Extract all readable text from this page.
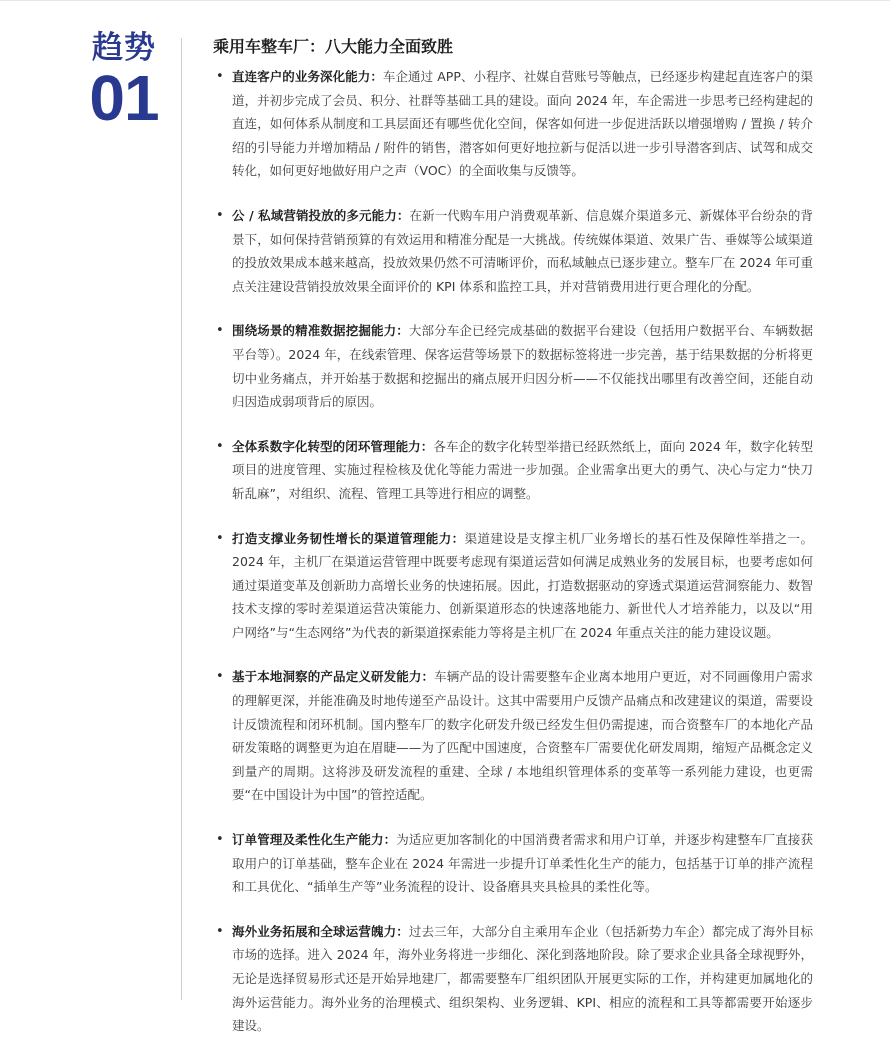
趋势
01
乘用车整车厂：八大能力全面致胜
• 直连客户的业务深化能力：车企通过 APP、小程序、社媒自营账号等触点，已经逐步构建起直连客户的渠道，并初步完成了会员、积分、社群等基础工具的建设。面向 2024 年，车企需进一步思考已经构建起的直连，如何体系从制度和工具层面还有哪些优化空间，保客如何进一步促进活跃以增强增购 / 置换 / 转介绍的引导能力并增加精品 / 附件的销售，潜客如何更好地拉新与促活以进一步引导潜客到店、试驾和成交转化，如何更好地做好用户之声（VOC）的全面收集与反馈等。
• 公 / 私域营销投放的多元能力：在新一代购车用户消费观革新、信息媒介渠道多元、新媒体平台纷杂的背景下，如何保持营销预算的有效运用和精准分配是一大挑战。传统媒体渠道、效果广告、垂媒等公域渠道的投放效果成本越来越高，投放效果仍然不可清晰评价，而私域触点已逐步建立。整车厂在 2024 年可重点关注建设营销投放效果全面评价的 KPI 体系和监控工具，并对营销费用进行更合理化的分配。
• 围绕场景的精准数据挖掘能力：大部分车企已经完成基础的数据平台建设（包括用户数据平台、车辆数据平台等）。2024 年，在线索管理、保客运营等场景下的数据标签将进一步完善，基于结果数据的分析将更切中业务痛点，并开始基于数据和挖掘出的痛点展开归因分析——不仅能找出哪里有改善空间，还能自动归因造成弱项背后的原因。
• 全体系数字化转型的闭环管理能力：各车企的数字化转型举措已经跃然纸上，面向 2024 年，数字化转型项目的进度管理、实施过程检核及优化等能力需进一步加强。企业需拿出更大的勇气、决心与定力“快刀斩乱麻”，对组织、流程、管理工具等进行相应的调整。
• 打造支撑业务韧性增长的渠道管理能力：渠道建设是支撑主机厂业务增长的基石性及保障性举措之一。2024 年，主机厂在渠道运营管理中既要考虑现有渠道运营如何满足成熟业务的发展目标，也要考虑如何通过渠道变革及创新助力高增长业务的快速拓展。因此，打造数据驱动的穿透式渠道运营洞察能力、数智技术支撑的零时差渠道运营决策能力、创新渠道形态的快速落地能力、新世代人才培养能力，以及以“用户网络”与“生态网络”为代表的新渠道探索能力等将是主机厂在 2024 年重点关注的能力建设议题。
• 基于本地洞察的产品定义研发能力：车辆产品的设计需要整车企业离本地用户更近，对不同画像用户需求的理解更深，并能准确及时地传递至产品设计。这其中需要用户反馈产品痛点和改建建议的渠道，需要设计反馈流程和闭环机制。国内整车厂的数字化研发升级已经发生但仍需提速，而合资整车厂的本地化产品研发策略的调整更为迫在眉睫——为了匹配中国速度，合资整车厂需要优化研发周期，缩短产品概念定义到量产的周期。这将涉及研发流程的重建、全球 / 本地组织管理体系的变革等一系列能力建设，也更需要“在中国设计为中国”的管控适配。
• 订单管理及柔性化生产能力：为适应更加客制化的中国消费者需求和用户订单，并逐步构建整车厂直接获取用户的订单基础，整车企业在 2024 年需进一步提升订单柔性化生产的能力，包括基于订单的排产流程和工具优化、“插单生产等”业务流程的设计、设备磨具夹具检具的柔性化等。
• 海外业务拓展和全球运营魄力：过去三年，大部分自主乘用车企业（包括新势力车企）都完成了海外目标市场的选择。进入 2024 年，海外业务将进一步细化、深化到落地阶段。除了要求企业具备全球视野外，无论是选择贸易形式还是开始异地建厂，都需要整车厂组织团队开展更实际的工作，并构建更加属地化的海外运营能力。海外业务的治理模式、组织架构、业务逻辑、KPI、相应的流程和工具等都需要开始逐步建设。
